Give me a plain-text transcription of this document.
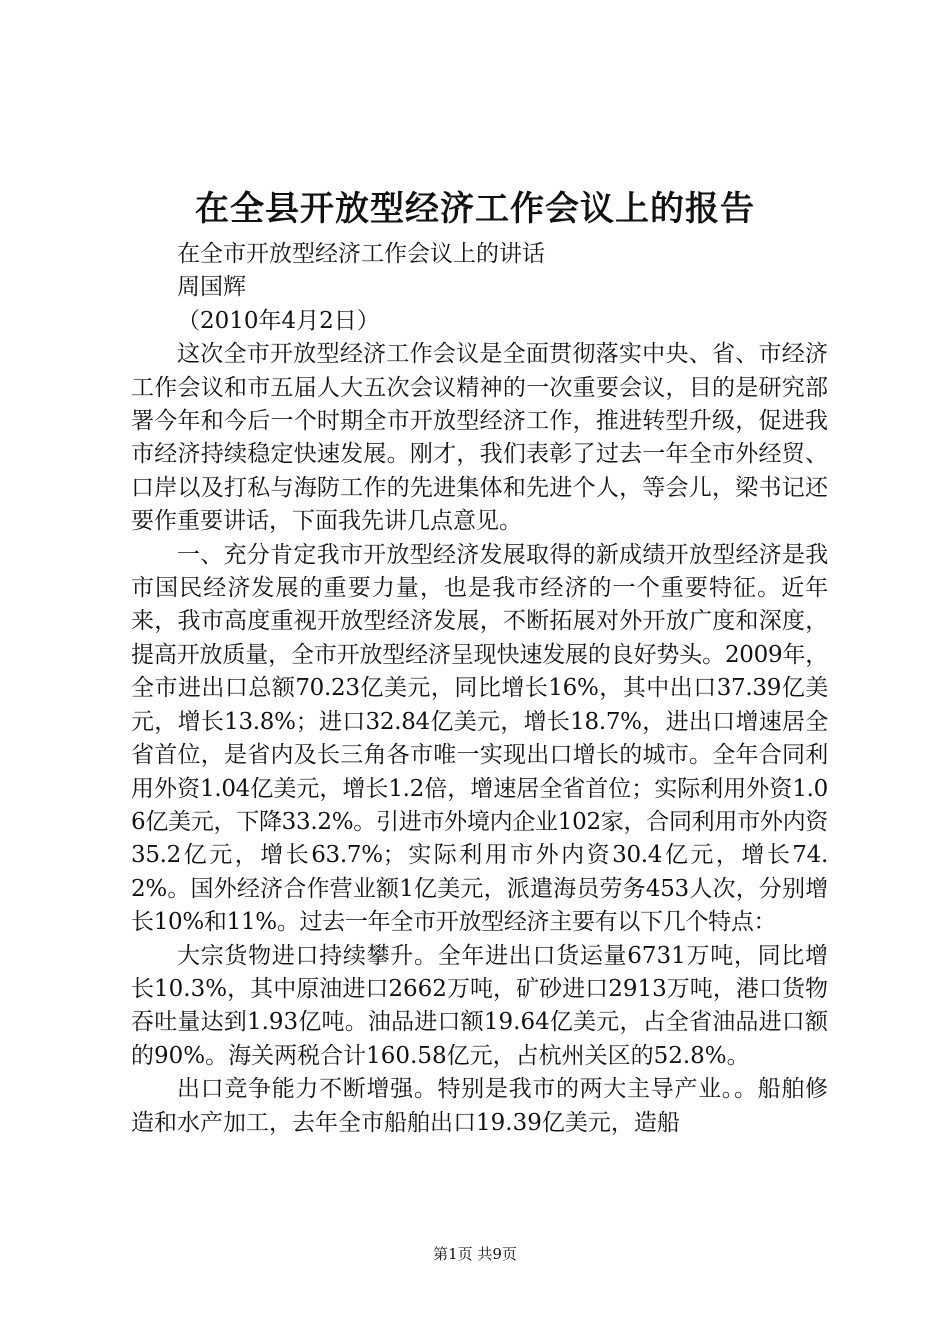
在全县开放型经济工作会议上的报告

在全市开放型经济工作会议上的讲话

周国辉

（2010年4月2日）

这次全市开放型经济工作会议是全面贯彻落实中央、省、市经济工作会议和市五届人大五次会议精神的一次重要会议，目的是研究部署今年和今后一个时期全市开放型经济工作，推进转型升级，促进我市经济持续稳定快速发展。刚才，我们表彰了过去一年全市外经贸、口岸以及打私与海防工作的先进集体和先进个人，等会儿，梁书记还要作重要讲话，下面我先讲几点意见。

一、充分肯定我市开放型经济发展取得的新成绩开放型经济是我市国民经济发展的重要力量，也是我市经济的一个重要特征。近年来，我市高度重视开放型经济发展，不断拓展对外开放广度和深度，提高开放质量，全市开放型经济呈现快速发展的良好势头。2009年，全市进出口总额70.23亿美元，同比增长16%，其中出口37.39亿美元，增长13.8%；进口32.84亿美元，增长18.7%，进出口增速居全省首位，是省内及长三角各市唯一实现出口增长的城市。全年合同利用外资1.04亿美元，增长1.2倍，增速居全省首位；实际利用外资1.06亿美元，下降33.2%。引进市外境内企业102家，合同利用市外内资35.2亿元，增长63.7%；实际利用市外内资30.4亿元，增长74.2%。国外经济合作营业额1亿美元，派遣海员劳务453人次，分别增长10%和11%。过去一年全市开放型经济主要有以下几个特点：

大宗货物进口持续攀升。全年进出口货运量6731万吨，同比增长10.3%，其中原油进口2662万吨，矿砂进口2913万吨，港口货物吞吐量达到1.93亿吨。油品进口额19.64亿美元，占全省油品进口额的90%。海关两税合计160.58亿元，占杭州关区的52.8%。

出口竞争能力不断增强。特别是我市的两大主导产业。。船舶修造和水产加工，去年全市船舶出口19.39亿美元，造船

第1页 共9页
